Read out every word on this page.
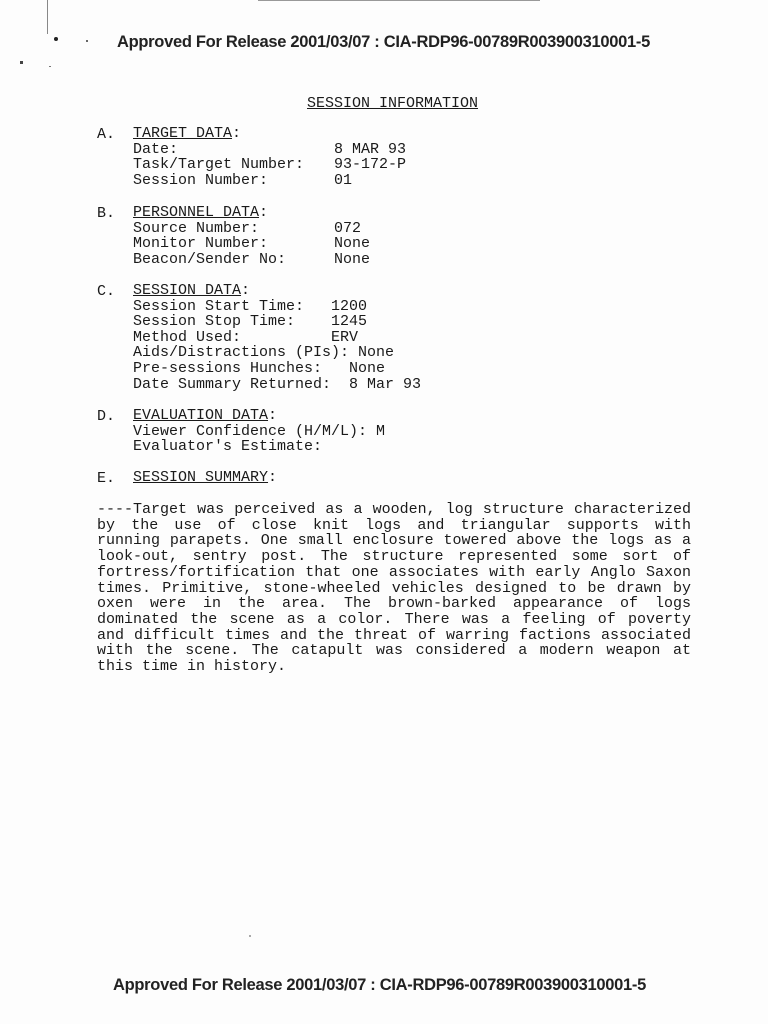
Approved For Release 2001/03/07 : CIA-RDP96-00789R003900310001-5
SESSION INFORMATION
A. TARGET DATA:
Date:	8 MAR 93
Task/Target Number: 93-172-P
Session Number:	01
B. PERSONNEL DATA:
Source Number:	072
Monitor Number:	None
Beacon/Sender No:	None
C. SESSION DATA:
Session Start Time:   1200
Session Stop Time:    1245
Method Used:          ERV
Aids/Distractions (PIs): None
Pre-sessions Hunches:   None
Date Summary Returned:  8 Mar 93
D. EVALUATION DATA:
Viewer Confidence (H/M/L): M
Evaluator's Estimate:
E. SESSION SUMMARY:
----Target was perceived as a wooden, log structure characterized by the use of close knit logs and triangular supports with running parapets. One small enclosure towered above the logs as a look-out, sentry post. The structure represented some sort of fortress/fortification that one associates with early Anglo Saxon times. Primitive, stone-wheeled vehicles designed to be drawn by oxen were in the area. The brown-barked appearance of logs dominated the scene as a color. There was a feeling of poverty and difficult times and the threat of warring factions associated with the scene. The catapult was considered a modern weapon at this time in history.
Approved For Release 2001/03/07 : CIA-RDP96-00789R003900310001-5
